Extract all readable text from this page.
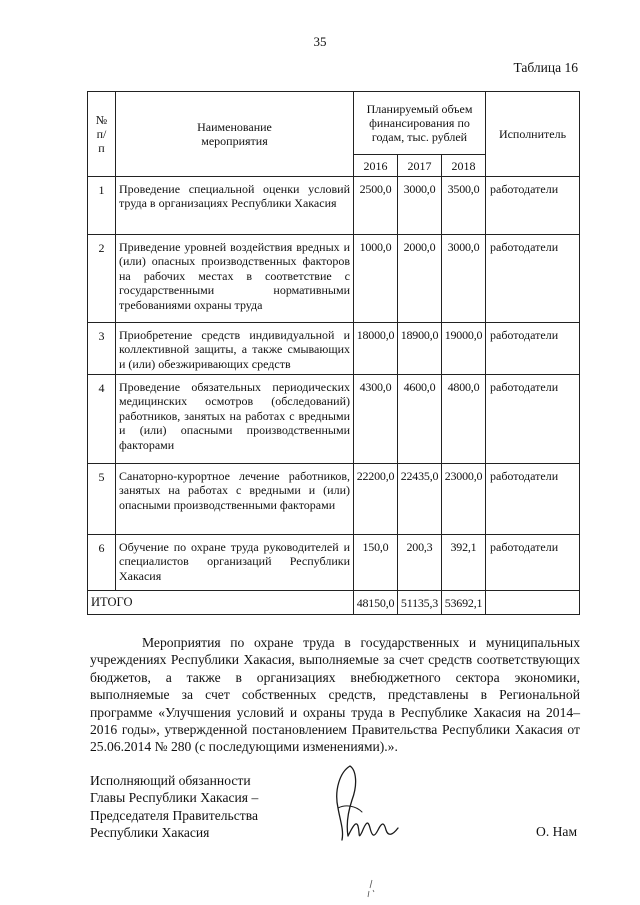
35
Таблица 16
№ п/п	Наименование мероприятия	Планируемый объем финансирования по годам, тыс. рублей			Исполнитель
		2016	2017	2018	
1	Проведение специальной оценки условий труда в организациях Республики Хакасия	2500,0	3000,0	3500,0	работодатели
2	Приведение уровней воздействия вредных и (или) опасных производственных факторов на рабочих местах в соответствие с государственными нормативными требованиями охраны труда	1000,0	2000,0	3000,0	работодатели
3	Приобретение средств индивидуальной и коллективной защиты, а также смывающих и (или) обезжиривающих средств	18000,0	18900,0	19000,0	работодатели
4	Проведение обязательных периодических медицинских осмотров (обследований) работников, занятых на работах с вредными и (или) опасными производственными факторами	4300,0	4600,0	4800,0	работодатели
5	Санаторно-курортное лечение работников, занятых на работах с вредными и (или) опасными производственными факторами	22200,0	22435,0	23000,0	работодатели
6	Обучение по охране труда руководителей и специалистов организаций Республики Хакасия	150,0	200,3	392,1	работодатели
ИТОГО		48150,0	51135,3	53692,1	
Мероприятия по охране труда в государственных и муниципальных учреждениях Республики Хакасия, выполняемые за счет средств соответствующих бюджетов, а также в организациях внебюджетного сектора экономики, выполняемые за счет собственных средств, представлены в Региональной программе «Улучшения условий и охраны труда в Республике Хакасия на 2014–2016 годы», утвержденной постановлением Правительства Республики Хакасия от 25.06.2014 № 280 (с последующими изменениями).».
Исполняющий обязанности
Главы Республики Хакасия –
Председателя Правительства
Республики Хакасия	О. Нам
